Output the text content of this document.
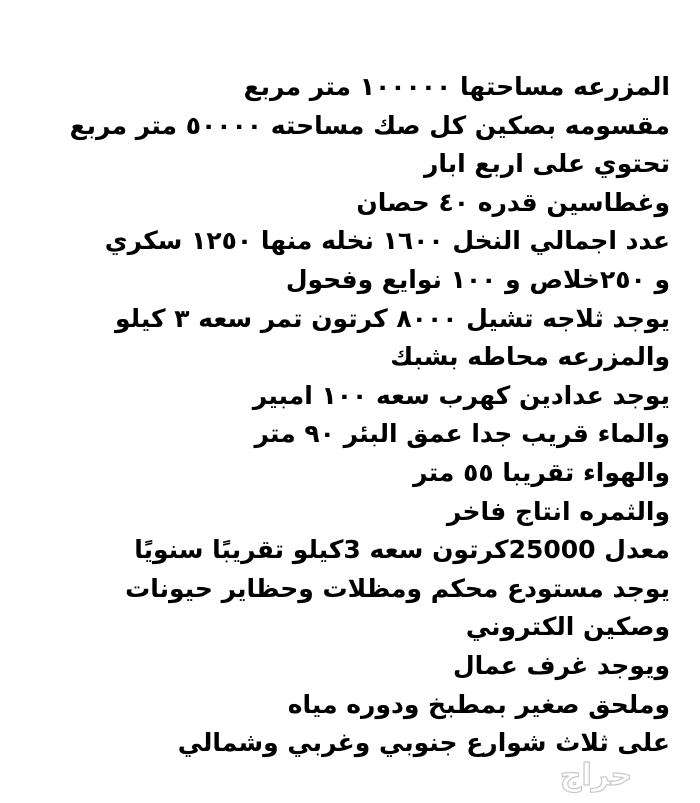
المزرعه مساحتها ١٠٠٠٠٠ متر مربع
مقسومه بصكين كل صك مساحته ٥٠٠٠٠ متر مربع
تحتوي على اربع ابار
وغطاسين قدره ٤٠ حصان
عدد اجمالي النخل ١٦٠٠ نخله منها ١٢٥٠ سكري
و ٢٥٠خلاص و ١٠٠ نوايع وفحول
يوجد ثلاجه تشيل ٨٠٠٠ كرتون تمر سعه ٣ كيلو
والمزرعه محاطه بشبك
يوجد عدادين كهرب سعه ١٠٠ امبير
والماء قريب جدا عمق البئر ٩٠ متر
والهواء تقريبا ٥٥ متر
والثمره انتاج فاخر
معدل 25000كرتون سعه 3كيلو تقريبًا سنويًا
يوجد مستودع محكم ومظلات وحظاير حيونات
وصكين الكتروني
ويوجد غرف عمال
وملحق صغير بمطبخ ودوره مياه
على ثلاث شوارع جنوبي وغربي وشمالي
حراج
